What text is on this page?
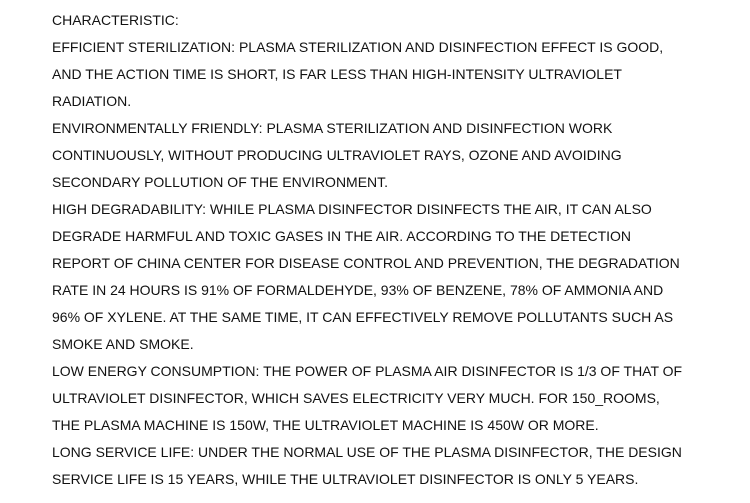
CHARACTERISTIC:
EFFICIENT STERILIZATION: PLASMA STERILIZATION AND DISINFECTION EFFECT IS GOOD,
AND THE ACTION TIME IS SHORT, IS FAR LESS THAN HIGH-INTENSITY ULTRAVIOLET
RADIATION.
ENVIRONMENTALLY FRIENDLY: PLASMA STERILIZATION AND DISINFECTION WORK
CONTINUOUSLY, WITHOUT PRODUCING ULTRAVIOLET RAYS, OZONE AND AVOIDING
SECONDARY POLLUTION OF THE ENVIRONMENT.
HIGH DEGRADABILITY: WHILE PLASMA DISINFECTOR DISINFECTS THE AIR, IT CAN ALSO
DEGRADE HARMFUL AND TOXIC GASES IN THE AIR. ACCORDING TO THE DETECTION
REPORT OF CHINA CENTER FOR DISEASE CONTROL AND PREVENTION, THE DEGRADATION
RATE IN 24 HOURS IS 91% OF FORMALDEHYDE, 93% OF BENZENE, 78% OF AMMONIA AND
96% OF XYLENE. AT THE SAME TIME, IT CAN EFFECTIVELY REMOVE POLLUTANTS SUCH AS
SMOKE AND SMOKE.
LOW ENERGY CONSUMPTION: THE POWER OF PLASMA AIR DISINFECTOR IS 1/3 OF THAT OF
ULTRAVIOLET DISINFECTOR, WHICH SAVES ELECTRICITY VERY MUCH. FOR 150_ROOMS,
THE PLASMA MACHINE IS 150W, THE ULTRAVIOLET MACHINE IS 450W OR MORE.
LONG SERVICE LIFE: UNDER THE NORMAL USE OF THE PLASMA DISINFECTOR, THE DESIGN
SERVICE LIFE IS 15 YEARS, WHILE THE ULTRAVIOLET DISINFECTOR IS ONLY 5 YEARS.
